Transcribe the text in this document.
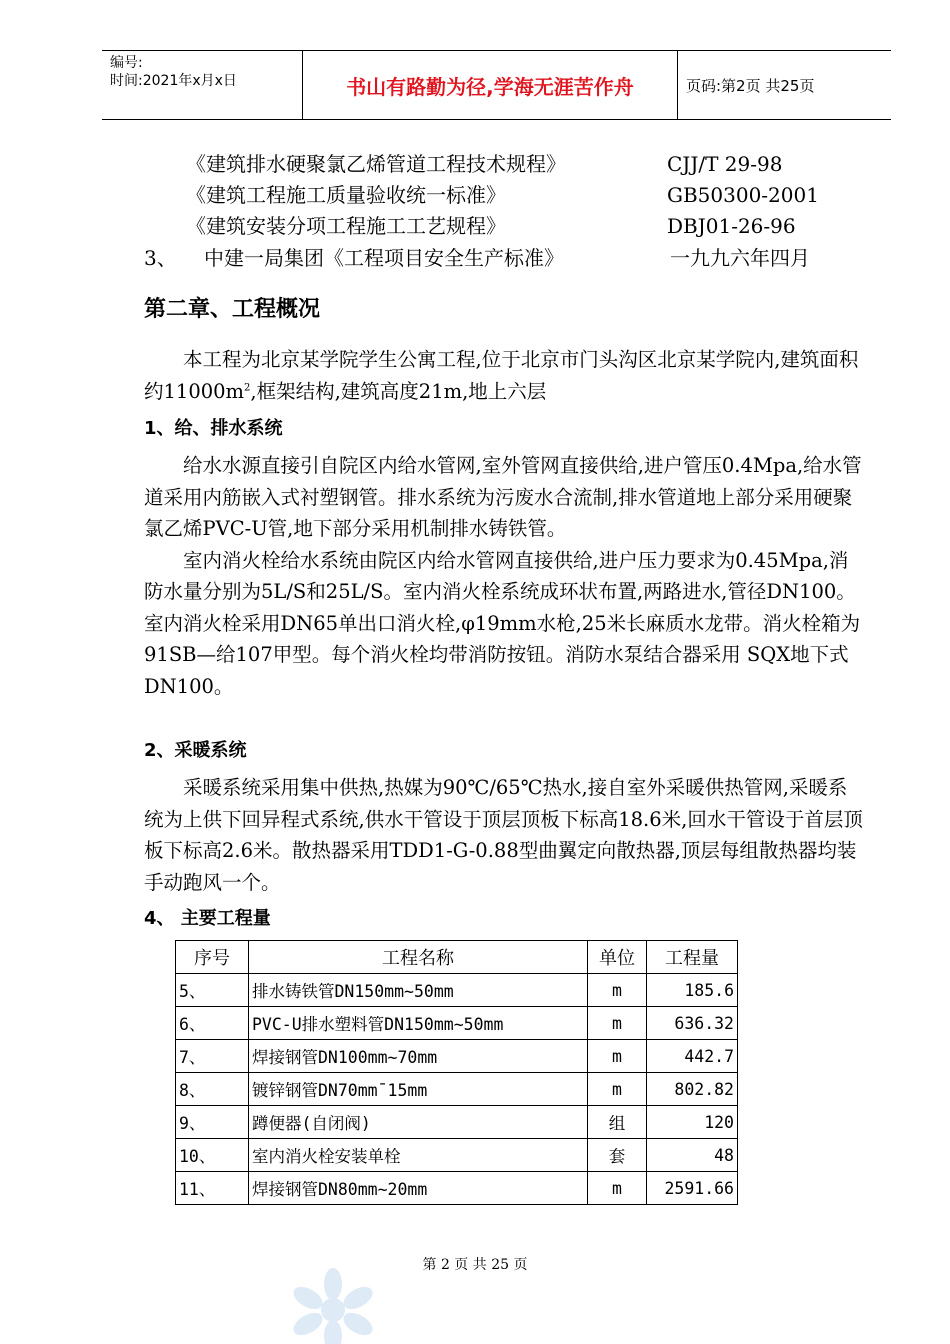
编号:
时间:2021年x月x日	书山有路勤为径,学海无涯苦作舟	页码:第2页 共25页
《建筑排水硬聚氯乙烯管道工程技术规程》	CJJ/T 29-98
《建筑工程施工质量验收统一标准》	GB50300-2001
《建筑安装分项工程施工工艺规程》	DBJ01-26-96
3、 中建一局集团《工程项目安全生产标准》	一九九六年四月
第二章、工程概况

本工程为北京某学院学生公寓工程,位于北京市门头沟区北京某学院内,建筑面积约$11000m^2$,框架结构,建筑高度21m,地上六层

1、给、排水系统

给水水源直接引自院区内给水管网,室外管网直接供给,进户管压0.4Mpa,给水管道采用内筋嵌入式衬塑钢管。排水系统为污废水合流制,排水管道地上部分采用硬聚氯乙烯PVC-U管,地下部分采用机制排水铸铁管。

室内消火栓给水系统由院区内给水管网直接供给,进户压力要求为0.45Mpa,消防水量分别为5L/S和25L/S。室内消火栓系统成环状布置,两路进水,管径DN100。室内消火栓采用DN65单出口消火栓,φ19mm水枪,25米长麻质水龙带。消火栓箱为91SB—给107甲型。每个消火栓均带消防按钮。消防水泵结合器采用 SQX地下式DN100。

2、采暖系统

采暖系统采用集中供热,热媒为90℃/65℃热水,接自室外采暖供热管网,采暖系统为上供下回异程式系统,供水干管设于顶层顶板下标高18.6米,回水干管设于首层顶板下标高2.6米。散热器采用TDD1-G-0.88型曲翼定向散热器,顶层每组散热器均装手动跑风一个。

4、 主要工程量
序号	工程名称	单位	工程量
5、	排水铸铁管DN150mm~50mm	m	185.6
6、	PVC-U排水塑料管DN150mm~50mm	m	636.32
7、	焊接钢管DN100mm~70mm	m	442.7
8、	镀锌钢管DN70mm¯15mm	m	802.82
9、	蹲便器(自闭阀)	组	120
10、	室内消火栓安装单栓	套	48
11、	焊接钢管DN80mm~20mm	m	2591.66
第 2 页 共 25 页
